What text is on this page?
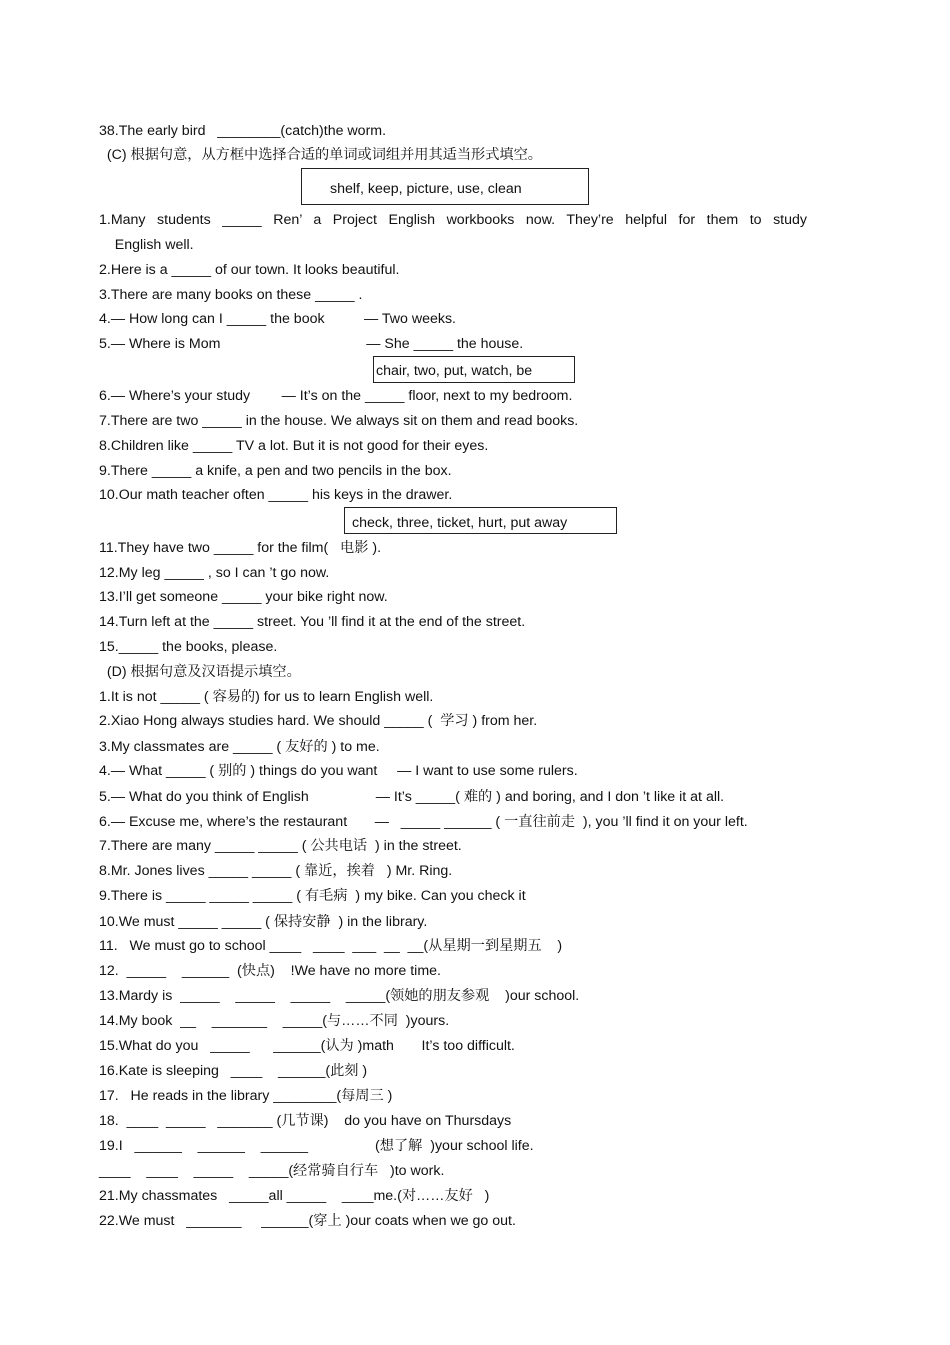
38.The early bird   ________(catch)the worm.
(C) 根据句意，从方框中选择合适的单词或词组并用其适当形式填空。
shelf, keep, picture, use, clean
1.Many students _____ Ren’ a Project English workbooks now. They’re helpful for them to study
English well.
2.Here is a _____ of our town. It looks beautiful.
3.There are many books on these _____ .
4.— How long can I _____ the book          — Two weeks.
5.— Where is Mom                                     — She _____ the house.
chair, two, put, watch, be
6.— Where’s your study        — It’s on the _____ floor, next to my bedroom.
7.There are two _____ in the house. We always sit on them and read books.
8.Children like _____ TV a lot. But it is not good for their eyes.
9.There _____ a knife, a pen and two pencils in the box.
10.Our math teacher often _____ his keys in the drawer.
check, three, ticket, hurt, put away
11.They have two _____ for the film(   电影 ).
12.My leg _____ , so I can ’t go now.
13.I’ll get someone _____ your bike right now.
14.Turn left at the _____ street. You ’ll find it at the end of the street.
15._____ the books, please.
(D) 根据句意及汉语提示填空。
1.It is not _____ ( 容易的) for us to learn English well.
2.Xiao Hong always studies hard. We should _____ (  学习 ) from her.
3.My classmates are _____ ( 友好的 ) to me.
4.— What _____ ( 别的 ) things do you want     — I want to use some rulers.
5.— What do you think of English                 — It’s _____( 难的 ) and boring, and I don ’t like it at all.
6.— Excuse me, where’s the restaurant       —   _____ ______ ( 一直往前走  ), you ’ll find it on your left.
7.There are many _____ _____ ( 公共电话  ) in the street.
8.Mr. Jones lives _____ _____ ( 靠近，挨着   ) Mr. Ring.
9.There is _____ _____ _____ ( 有毛病  ) my bike. Can you check it
10.We must _____ _____ ( 保持安静  ) in the library.
11.   We must go to school ____   ____  ___  __  __(从星期一到星期五    )
12.  _____    ______  (快点)    !We have no more time.
13.Mardy is  _____    _____    _____    _____(领她的朋友参观    )our school.
14.My book  __    _______    _____(与……不同  )yours.
15.What do you   _____      ______(认为 )math       It’s too difficult.
16.Kate is sleeping   ____    ______(此刻 )
17.   He reads in the library ________(每周三 )
18.  ____  _____   _______ (几节课)    do you have on Thursdays
19.I   ______    ______    ______                 (想了解  )your school life.
____    ____    _____    _____(经常骑自行车   )to work.
21.My chassmates   _____all _____    ____me.(对……友好   )
22.We must   _______     ______(穿上 )our coats when we go out.
